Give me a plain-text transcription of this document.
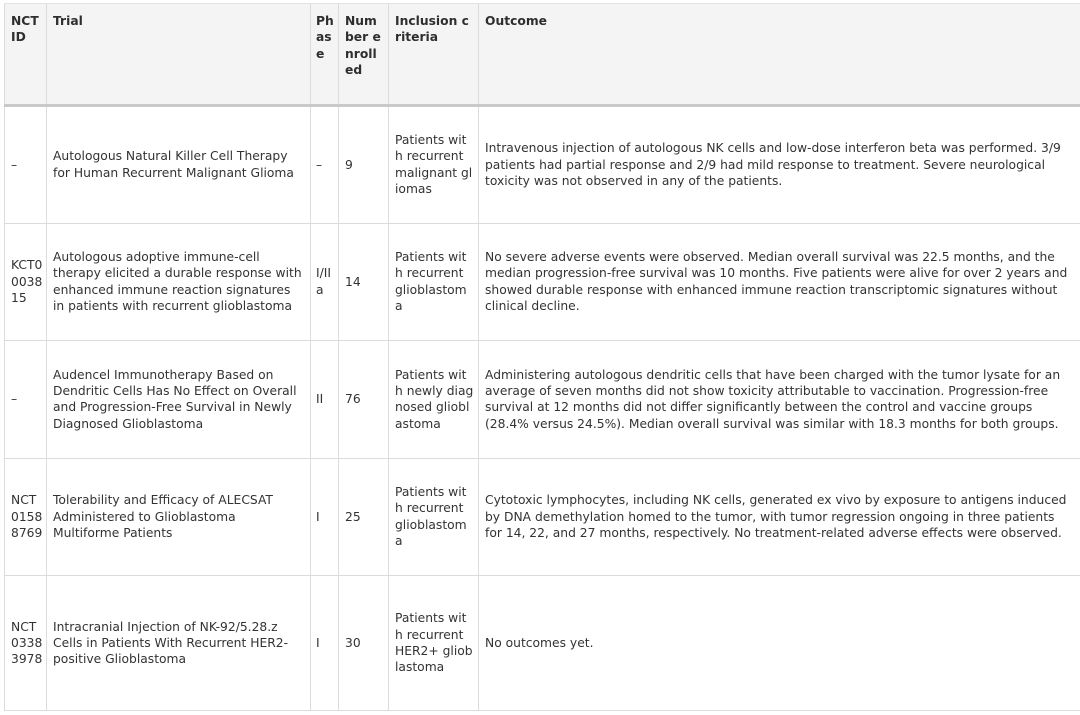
NCT ID	Trial	Phase	Number enrolled	Inclusion criteria	Outcome
–	Autologous Natural Killer Cell Therapy for Human Recurrent Malignant Glioma	–	9	Patients with recurrent malignant gliomas	Intravenous injection of autologous NK cells and low-dose interferon beta was performed. 3/9 patients had partial response and 2/9 had mild response to treatment. Severe neurological toxicity was not observed in any of the patients.
KCT0003815	Autologous adoptive immune-cell therapy elicited a durable response with enhanced immune reaction signatures in patients with recurrent glioblastoma	I/IIa	14	Patients with recurrent glioblastoma	No severe adverse events were observed. Median overall survival was 22.5 months, and the median progression-free survival was 10 months. Five patients were alive for over 2 years and showed durable response with enhanced immune reaction transcriptomic signatures without clinical decline.
–	Audencel Immunotherapy Based on Dendritic Cells Has No Effect on Overall and Progression-Free Survival in Newly Diagnosed Glioblastoma	II	76	Patients with newly diagnosed glioblastoma	Administering autologous dendritic cells that have been charged with the tumor lysate for an average of seven months did not show toxicity attributable to vaccination. Progression-free survival at 12 months did not differ significantly between the control and vaccine groups (28.4% versus 24.5%). Median overall survival was similar with 18.3 months for both groups.
NCT01588769	Tolerability and Efficacy of ALECSAT Administered to Glioblastoma Multiforme Patients	I	25	Patients with recurrent glioblastoma	Cytotoxic lymphocytes, including NK cells, generated ex vivo by exposure to antigens induced by DNA demethylation homed to the tumor, with tumor regression ongoing in three patients for 14, 22, and 27 months, respectively. No treatment-related adverse effects were observed.
NCT03383978	Intracranial Injection of NK-92/5.28.z Cells in Patients With Recurrent HER2-positive Glioblastoma	I	30	Patients with recurrent HER2+ glioblastoma	No outcomes yet.
